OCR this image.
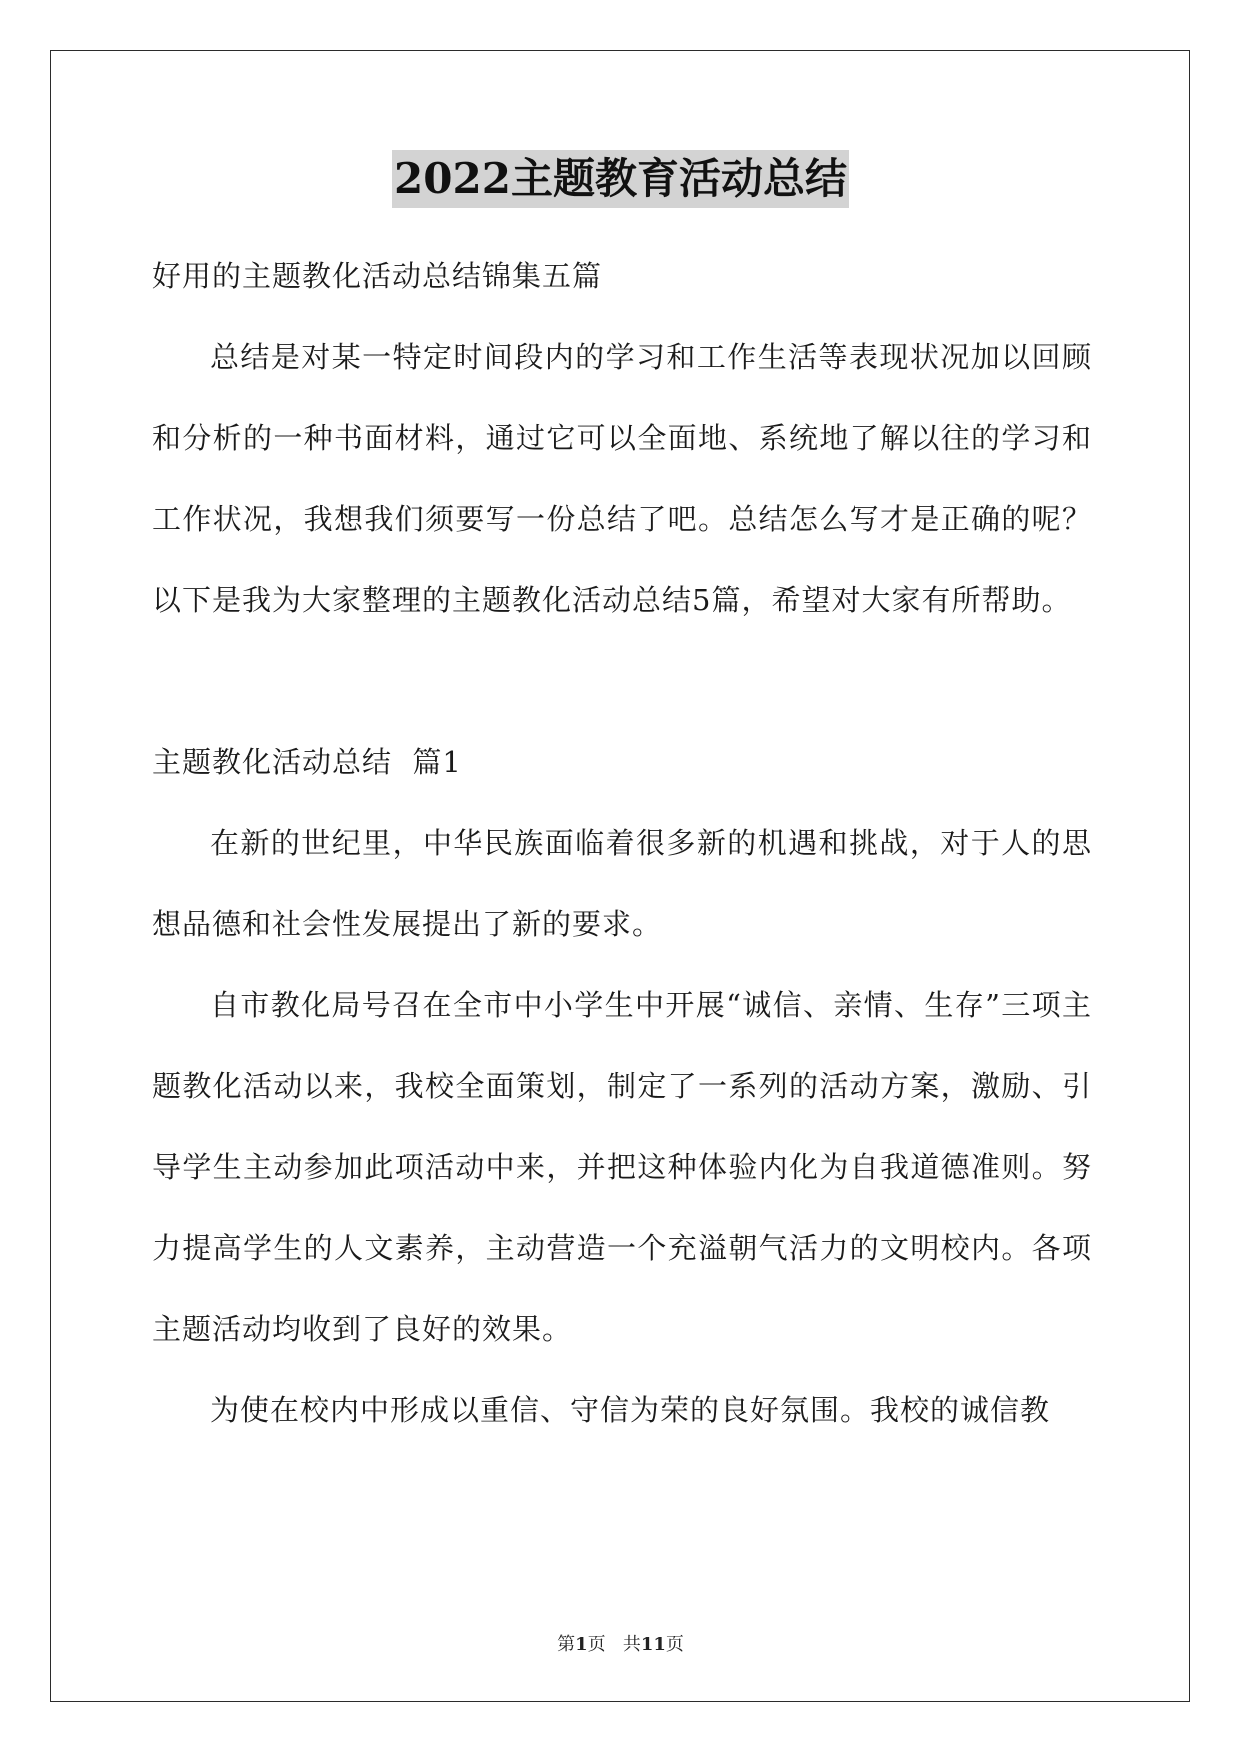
2022主题教育活动总结

好用的主题教化活动总结锦集五篇

总结是对某一特定时间段内的学习和工作生活等表现状况加以回顾和分析的一种书面材料，通过它可以全面地、系统地了解以往的学习和工作状况，我想我们须要写一份总结了吧。总结怎么写才是正确的呢？以下是我为大家整理的主题教化活动总结5篇，希望对大家有所帮助。

主题教化活动总结  篇1

在新的世纪里，中华民族面临着很多新的机遇和挑战，对于人的思想品德和社会性发展提出了新的要求。

自市教化局号召在全市中小学生中开展“诚信、亲情、生存”三项主题教化活动以来，我校全面策划，制定了一系列的活动方案，激励、引导学生主动参加此项活动中来，并把这种体验内化为自我道德准则。努力提高学生的人文素养，主动营造一个充溢朝气活力的文明校内。各项主题活动均收到了良好的效果。

为使在校内中形成以重信、守信为荣的良好氛围。我校的诚信教

第1页 共11页
